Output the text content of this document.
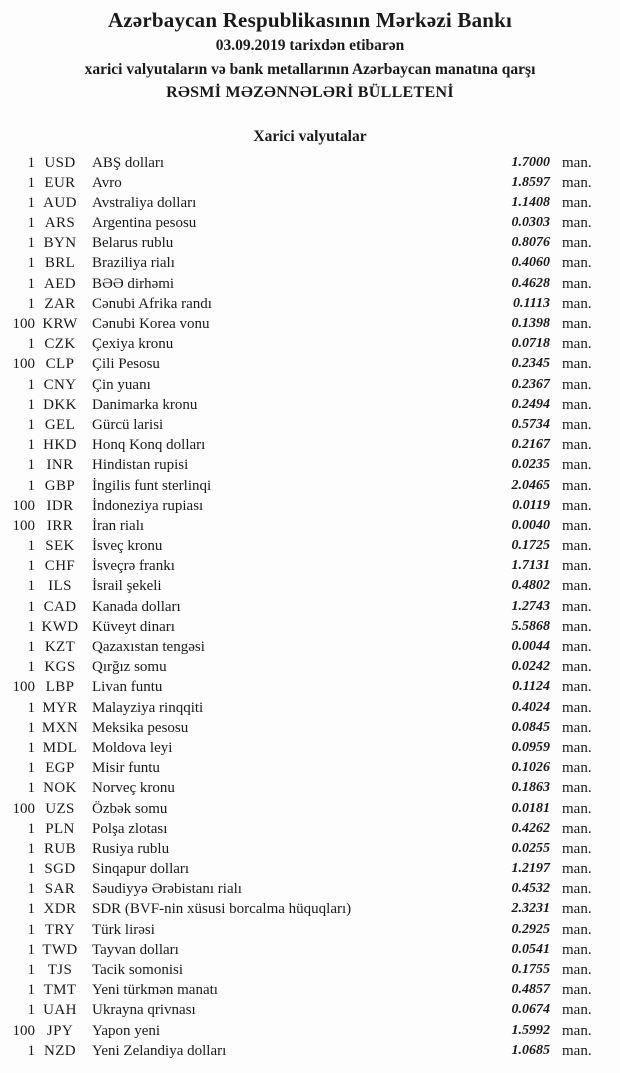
Azərbaycan Respublikasının Mərkəzi Bankı
03.09.2019 tarixdən etibarən
xarici valyutaların və bank metallarının Azərbaycan manatına qarşı
RƏSMİ MƏZƏNNƏLƏRİ BÜLLETENİ
Xarici valyutalar
1 USD	ABŞ dolları	1.7000 man.
1 EUR	Avro	1.8597 man.
1 AUD	Avstraliya dolları	1.1408 man.
1 ARS	Argentina pesosu	0.0303 man.
1 BYN	Belarus rublu	0.8076 man.
1 BRL	Braziliya rialı	0.4060 man.
1 AED	BƏƏ dirhəmi	0.4628 man.
1 ZAR	Cənubi Afrika randı	0.1113 man.
100 KRW Cənubi Korea vonu	0.1398 man.
1 CZK	Çexiya kronu	0.0718 man.
100 CLP	Çili Pesosu	0.2345 man.
1 CNY	Çin yuanı	0.2367 man.
1 DKK	Danimarka kronu	0.2494 man.
1 GEL	Gürcü larisi	0.5734 man.
1 HKD	Honq Konq dolları	0.2167 man.
1 INR	Hindistan rupisi	0.0235 man.
1 GBP	İngilis funt sterlinqi	2.0465 man.
100 IDR	İndoneziya rupiası	0.0119 man.
100 IRR	İran rialı	0.0040 man.
1 SEK	İsveç kronu	0.1725 man.
1 CHF	İsveçrə frankı	1.7131 man.
1 ILS	İsrail şekeli	0.4802 man.
1 CAD	Kanada dolları	1.2743 man.
1 KWD Küveyt dinarı	5.5868 man.
1 KZT	Qazaxıstan tengəsi	0.0044 man.
1 KGS	Qırğız somu	0.0242 man.
100 LBP	Livan funtu	0.1124 man.
1 MYR Malayziya rinqqiti	0.4024 man.
1 MXN Meksika pesosu	0.0845 man.
1 MDL Moldova leyi	0.0959 man.
1 EGP	Misir funtu	0.1026 man.
1 NOK	Norveç kronu	0.1863 man.
100 UZS	Özbək somu	0.0181 man.
1 PLN	Polşa zlotası	0.4262 man.
1 RUB	Rusiya rublu	0.0255 man.
1 SGD	Sinqapur dolları	1.2197 man.
1 SAR	Səudiyyə Ərəbistanı rialı	0.4532 man.
1 XDR	SDR (BVF-nin xüsusi borcalma hüquqları)	2.3231 man.
1 TRY	Türk lirəsi	0.2925 man.
1 TWD Tayvan dolları	0.0541 man.
1 TJS	Tacik somonisi	0.1755 man.
1 TMT	Yeni türkmən manatı	0.4857 man.
1 UAH	Ukrayna qrivnası	0.0674 man.
100 JPY	Yapon yeni	1.5992 man.
1 NZD	Yeni Zelandiya dolları	1.0685 man.
